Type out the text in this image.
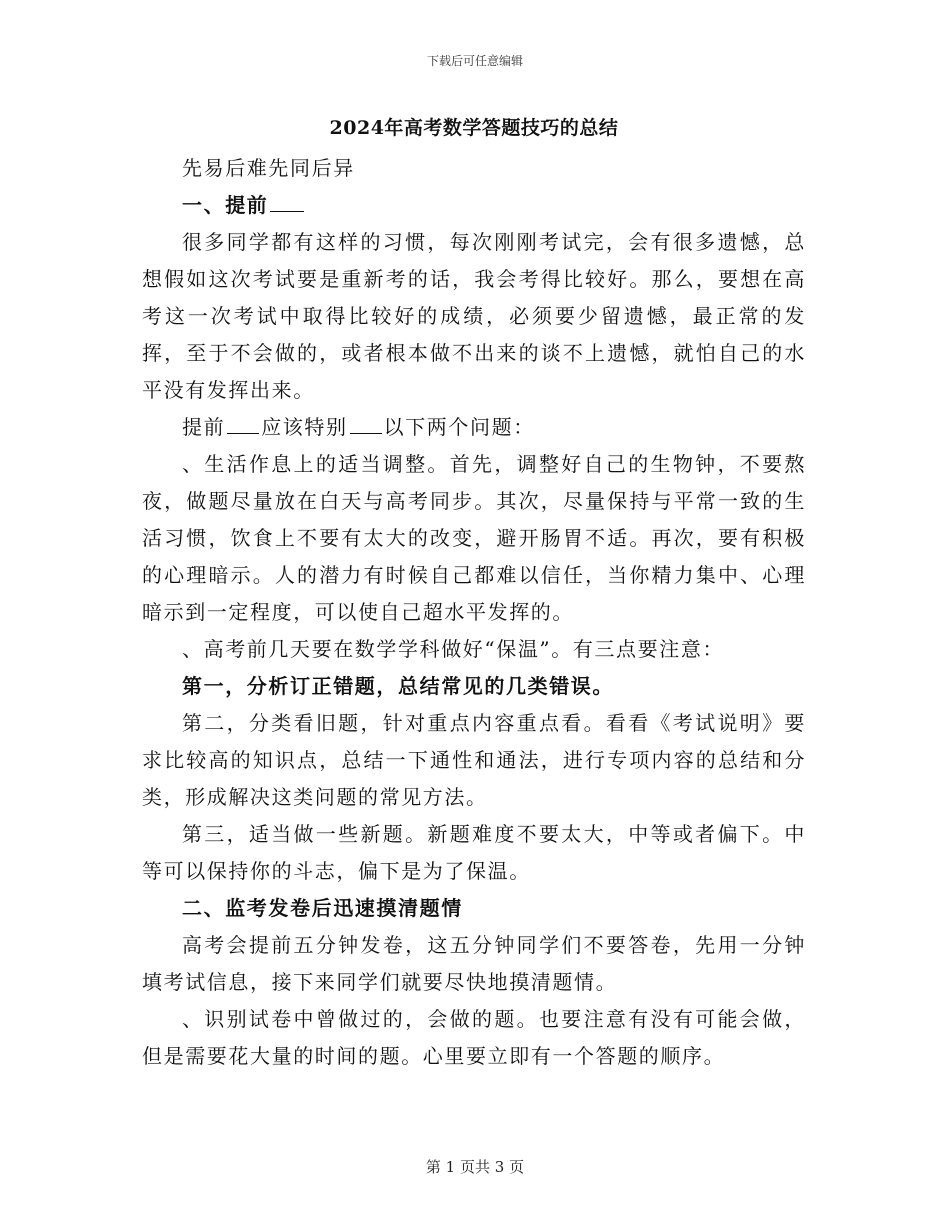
下载后可任意编辑
2024年高考数学答题技巧的总结

先易后难先同后异

一、提前

很多同学都有这样的习惯，每次刚刚考试完，会有很多遗憾，总想假如这次考试要是重新考的话，我会考得比较好。那么，要想在高考这一次考试中取得比较好的成绩，必须要少留遗憾，最正常的发挥，至于不会做的，或者根本做不出来的谈不上遗憾，就怕自己的水平没有发挥出来。

提前 应该特别 以下两个问题：

、生活作息上的适当调整。首先，调整好自己的生物钟，不要熬夜，做题尽量放在白天与高考同步。其次，尽量保持与平常一致的生活习惯，饮食上不要有太大的改变，避开肠胃不适。再次，要有积极的心理暗示。人的潜力有时候自己都难以信任，当你精力集中、心理暗示到一定程度，可以使自己超水平发挥的。

、高考前几天要在数学学科做好“保温”。有三点要注意：

第一，分析订正错题，总结常见的几类错误。

第二，分类看旧题，针对重点内容重点看。看看《考试说明》要求比较高的知识点，总结一下通性和通法，进行专项内容的总结和分类，形成解决这类问题的常见方法。

第三，适当做一些新题。新题难度不要太大，中等或者偏下。中等可以保持你的斗志，偏下是为了保温。

二、监考发卷后迅速摸清题情

高考会提前五分钟发卷，这五分钟同学们不要答卷，先用一分钟填考试信息，接下来同学们就要尽快地摸清题情。

、识别试卷中曾做过的，会做的题。也要注意有没有可能会做，但是需要花大量的时间的题。心里要立即有一个答题的顺序。

第 1 页共 3 页
